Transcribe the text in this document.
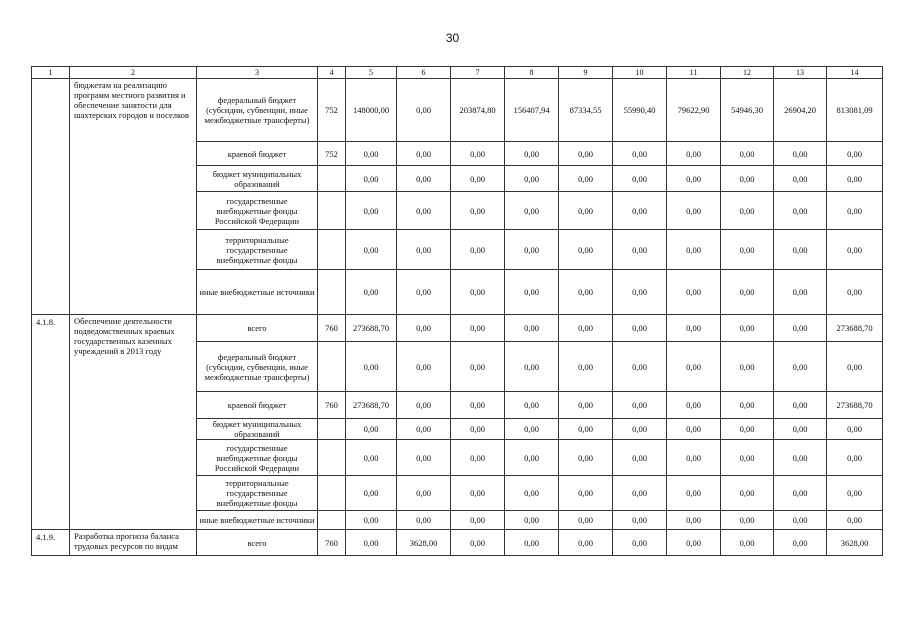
30
1	2	3	4	5	6	7	8	9	10	11	12	13	14
	бюджетам на реализацию программ местного развития и обеспечение занятости для шахтерских городов и поселков	федеральный бюджет (субсидии, субвенции, иные межбюджетные трансферты)	752	148000,00	0,00	203874,80	156407,94	87334,55	55990,40	79622,90	54946,30	26904,20	813081,09
		краевой бюджет	752	0,00	0,00	0,00	0,00	0,00	0,00	0,00	0,00	0,00	0,00
		бюджет муниципальных образований		0,00	0,00	0,00	0,00	0,00	0,00	0,00	0,00	0,00	0,00
		государственные внебюджетные фонды Российской Федерации		0,00	0,00	0,00	0,00	0,00	0,00	0,00	0,00	0,00	0,00
		территориальные государственные внебюджетные фонды		0,00	0,00	0,00	0,00	0,00	0,00	0,00	0,00	0,00	0,00
		иные внебюджетные источники		0,00	0,00	0,00	0,00	0,00	0,00	0,00	0,00	0,00	0,00
4.1.8.	Обеспечение деятельности подведомственных краевых государственных казенных учреждений в 2013 году	всего	760	273688,70	0,00	0,00	0,00	0,00	0,00	0,00	0,00	0,00	273688,70
		федеральный бюджет (субсидии, субвенции, иные межбюджетные трансферты)		0,00	0,00	0,00	0,00	0,00	0,00	0,00	0,00	0,00	0,00
		краевой бюджет	760	273688,70	0,00	0,00	0,00	0,00	0,00	0,00	0,00	0,00	273688,70
		бюджет муниципальных образований		0,00	0,00	0,00	0,00	0,00	0,00	0,00	0,00	0,00	0,00
		государственные внебюджетные фонды Российской Федерации		0,00	0,00	0,00	0,00	0,00	0,00	0,00	0,00	0,00	0,00
		территориальные государственные внебюджетные фонды		0,00	0,00	0,00	0,00	0,00	0,00	0,00	0,00	0,00	0,00
		иные внебюджетные источники		0,00	0,00	0,00	0,00	0,00	0,00	0,00	0,00	0,00	0,00
4.1.9.	Разработка прогноза баланса трудовых ресурсов по видам	всего	760	0,00	3628,00	0,00	0,00	0,00	0,00	0,00	0,00	0,00	3628,00
